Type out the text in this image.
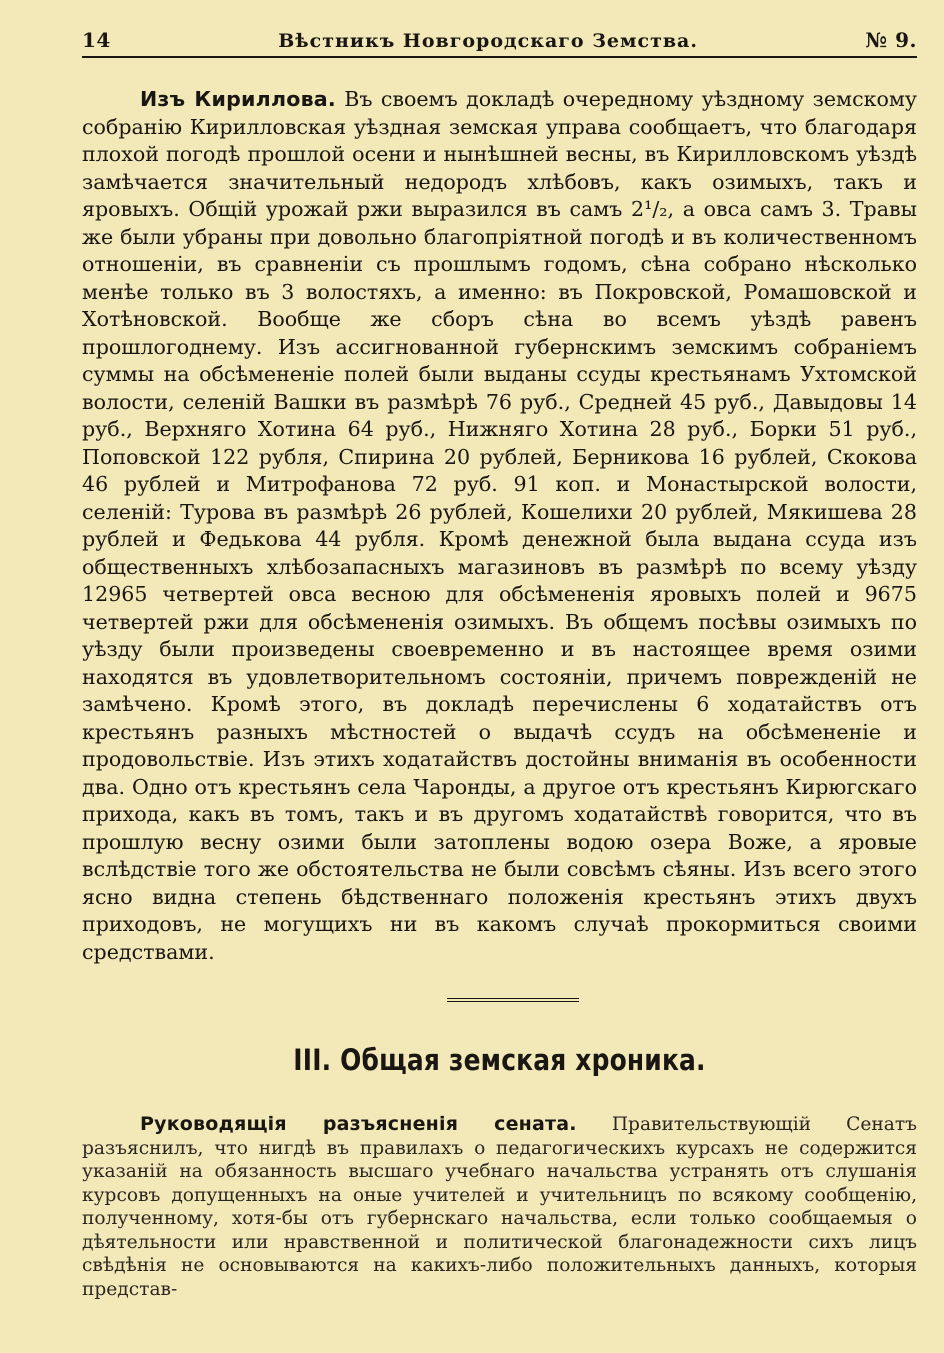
14	Вѣстникъ Новгородскаго Земства.	№ 9.

Изъ Кириллова. Въ своемъ докладѣ очередному уѣздному земскому собранію Кирилловская уѣздная земская управа сообщаетъ, что благодаря плохой погодѣ прошлой осени и нынѣшней весны, въ Кирилловскомъ уѣздѣ замѣчается значительный недородъ хлѣбовъ, какъ озимыхъ, такъ и яровыхъ. Общій урожай ржи выразился въ самъ 2¹/₂, а овса самъ 3. Травы же были убраны при довольно благопріятной погодѣ и въ количественномъ отношеніи, въ сравненіи съ прошлымъ годомъ, сѣна собрано нѣсколько менѣе только въ 3 волостяхъ, а именно: въ Покровской, Ромашовской и Хотѣновской. Вообще же сборъ сѣна во всемъ уѣздѣ равенъ прошлогоднему. Изъ ассигнованной губернскимъ земскимъ собраніемъ суммы на обсѣмененіе полей были выданы ссуды крестьянамъ Ухтомской волости, селеній Вашки въ размѣрѣ 76 руб., Средней 45 руб., Давыдовы 14 руб., Верхняго Хотина 64 руб., Нижняго Хотина 28 руб., Борки 51 руб., Поповской 122 рубля, Спирина 20 рублей, Берникова 16 рублей, Скокова 46 рублей и Митрофанова 72 руб. 91 коп. и Монастырской волости, селеній: Турова въ размѣрѣ 26 рублей, Кошелихи 20 рублей, Мякишева 28 рублей и Федькова 44 рубля. Кромѣ денежной была выдана ссуда изъ общественныхъ хлѣбозапасныхъ магазиновъ въ размѣрѣ по всему уѣзду 12965 четвертей овса весною для обсѣмененія яровыхъ полей и 9675 четвертей ржи для обсѣмененія озимыхъ. Въ общемъ посѣвы озимыхъ по уѣзду были произведены своевременно и въ настоящее время озими находятся въ удовлетворительномъ состояніи, причемъ поврежденій не замѣчено. Кромѣ этого, въ докладѣ перечислены 6 ходатайствъ отъ крестьянъ разныхъ мѣстностей о выдачѣ ссудъ на обсѣмененіе и продовольствіе. Изъ этихъ ходатайствъ достойны вниманія въ особенности два. Одно отъ крестьянъ села Чаронды, а другое отъ крестьянъ Кирюгскаго прихода, какъ въ томъ, такъ и въ другомъ ходатайствѣ говорится, что въ прошлую весну озими были затоплены водою озера Воже, а яровые вслѣдствіе того же обстоятельства не были совсѣмъ сѣяны. Изъ всего этого ясно видна степень бѣдственнаго положенія крестьянъ этихъ двухъ приходовъ, не могущихъ ни въ какомъ случаѣ прокормиться своими средствами.

III. Общая земская хроника.

Руководящія разъясненія сената. Правительствующій Сенатъ разъяснилъ, что нигдѣ въ правилахъ о педагогическихъ курсахъ не содержится указаній на обязанность высшаго учебнаго начальства устранять отъ слушанія курсовъ допущенныхъ на оные учителей и учительницъ по всякому сообщенію, полученному, хотя-бы отъ губернскаго начальства, если только сообщаемыя о дѣятельности или нравственной и политической благонадежности сихъ лицъ свѣдѣнія не основываются на какихъ-либо положительныхъ данныхъ, которыя представ-
